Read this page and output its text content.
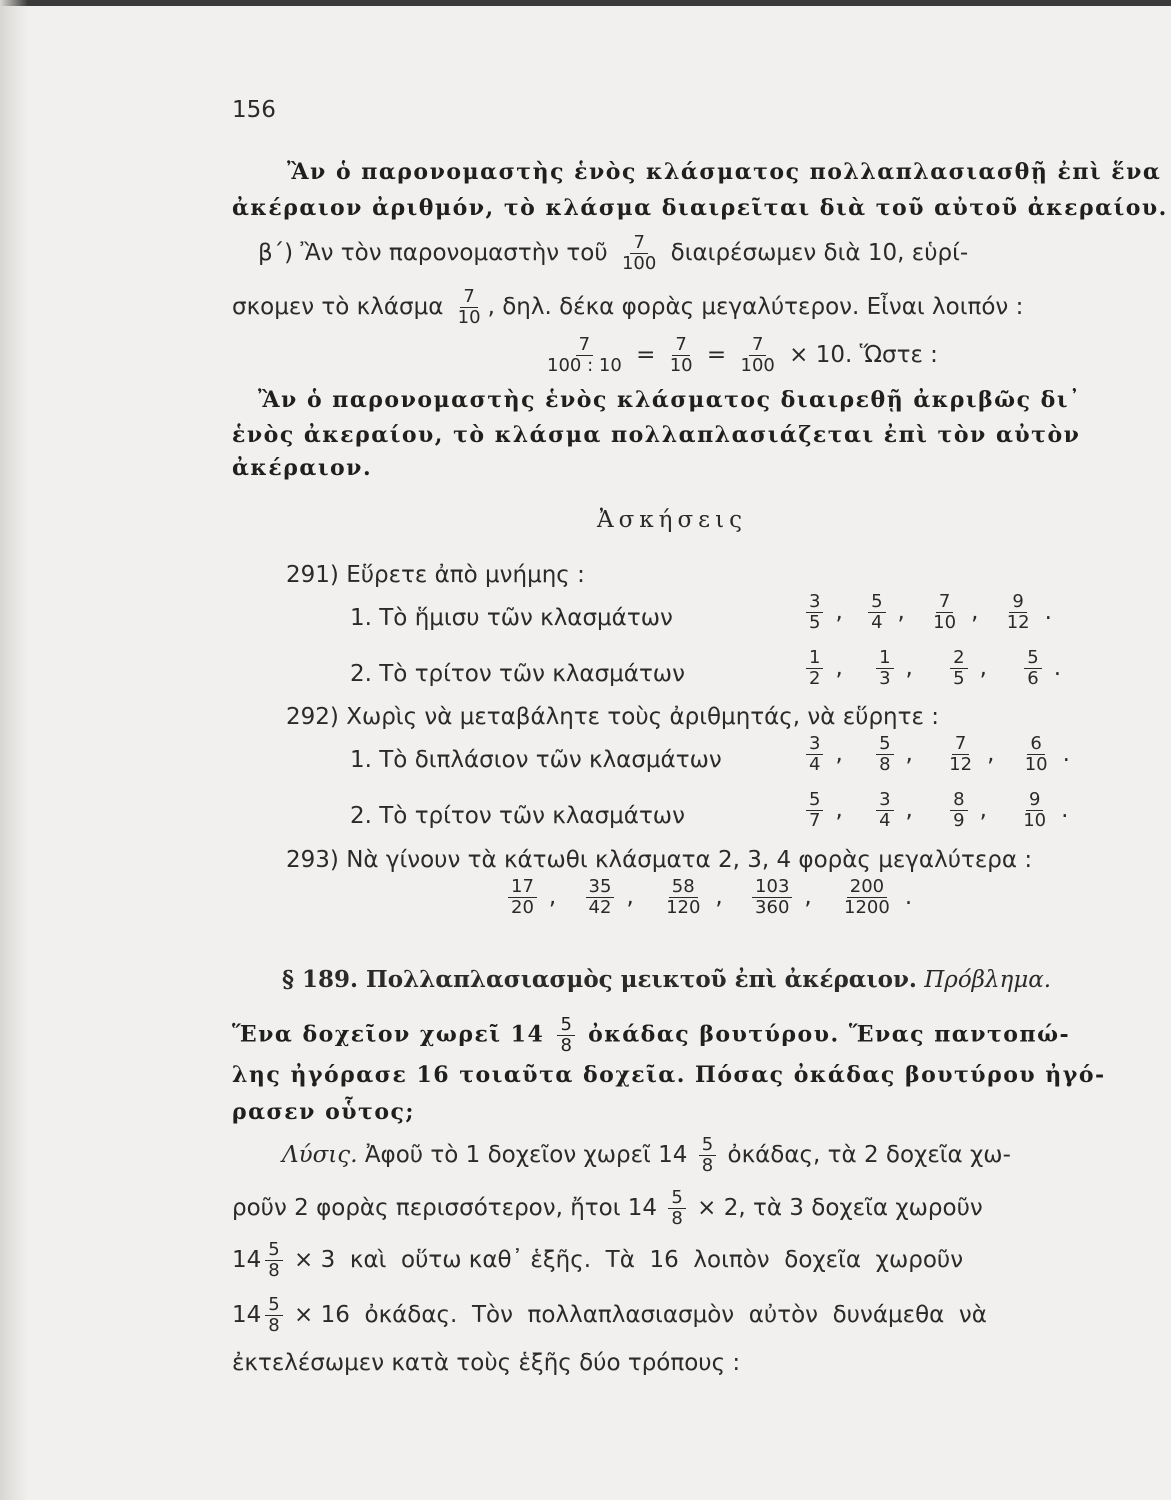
156
Ἂν ὁ παρονομαστὴς ἑνὸς κλάσματος πολλαπλασιασθῇ ἐπὶ ἕνα
ἀκέραιον ἀριθμόν, τὸ κλάσμα διαιρεῖται διὰ τοῦ αὐτοῦ ἀκεραίου.
β΄) Ἂν τὸν παρονομαστὴν τοῦ $\frac{7}{100}$ διαιρέσωμεν διὰ 10, εὑρί-
σκομεν τὸ κλάσμα $\frac{7}{10}$ , δηλ. δέκα φορὰς μεγαλύτερον. Εἶναι λοιπόν :
$\frac{7}{100 : 10} = \frac{7}{10} = \frac{7}{100} \times 10$. Ὥστε :
Ἂν ὁ παρονομαστὴς ἑνὸς κλάσματος διαιρεθῇ ἀκριβῶς δι᾽
ἑνὸς ἀκεραίου, τὸ κλάσμα πολλαπλασιάζεται ἐπὶ τὸν αὐτὸν
ἀκέραιον.
Ἀσκήσεις
291) Εὕρετε ἀπὸ μνήμης :
1. Τὸ ἥμισυ τῶν κλασμάτων	$\frac{3}{5}$ , $\frac{5}{4}$ , $\frac{7}{10}$ , $\frac{9}{12}$ .
2. Τὸ τρίτον τῶν κλασμάτων	$\frac{1}{2}$ , $\frac{1}{3}$ , $\frac{2}{5}$ , $\frac{5}{6}$ .
292) Χωρὶς νὰ μεταβάλητε τοὺς ἀριθμητάς, νὰ εὕρητε :
1. Τὸ διπλάσιον τῶν κλασμάτων	$\frac{3}{4}$ , $\frac{5}{8}$ , $\frac{7}{12}$ , $\frac{6}{10}$ .
2. Τὸ τρίτον τῶν κλασμάτων	$\frac{5}{7}$ , $\frac{3}{4}$ , $\frac{8}{9}$ , $\frac{9}{10}$ .
293) Νὰ γίνουν τὰ κάτωθι κλάσματα 2, 3, 4 φορὰς μεγαλύτερα :
$\frac{17}{20}$ , $\frac{35}{42}$ , $\frac{58}{120}$ , $\frac{103}{360}$ , $\frac{200}{1200}$ .
§ 189. Πολλαπλασιασμὸς μεικτοῦ ἐπὶ ἀκέραιον. Πρόβλημα.
Ἕνα δοχεῖον χωρεῖ $14 \frac{5}{8}$ ὀκάδας βουτύρου. Ἕνας παντοπώ-
λης ἠγόρασε 16 τοιαῦτα δοχεῖα. Πόσας ὀκάδας βουτύρου ἠγό-
ρασεν οὗτος;
Λύσις. Ἀφοῦ τὸ 1 δοχεῖον χωρεῖ $14 \frac{5}{8}$ ὀκάδας, τὰ 2 δοχεῖα χω-
ροῦν 2 φορὰς περισσότερον, ἤτοι $14 \frac{5}{8} \times 2$, τὰ 3 δοχεῖα χωροῦν
$14 \frac{5}{8} \times 3$  καὶ  οὕτω καθ᾽ ἑξῆς.  Τὰ  16  λοιπὸν  δοχεῖα  χωροῦν
$14 \frac{5}{8} \times 16$  ὀκάδας.  Τὸν  πολλαπλασιασμὸν  αὐτὸν  δυνάμεθα  νὰ
ἐκτελέσωμεν κατὰ τοὺς ἑξῆς δύο τρόπους :
